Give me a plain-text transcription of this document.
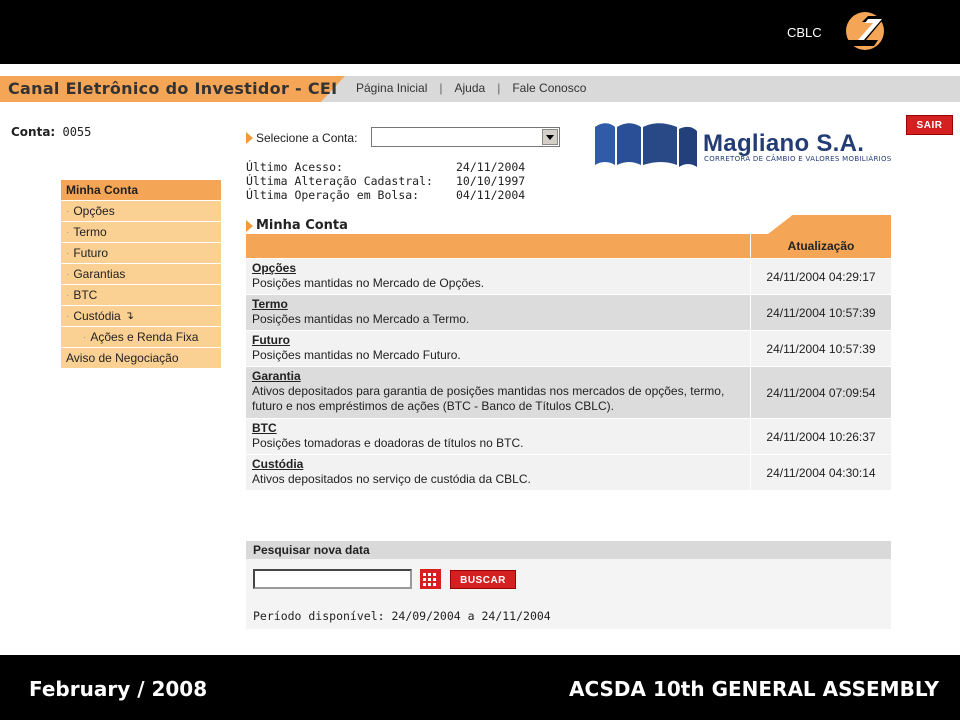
CBLC
Canal Eletrônico do Investidor - CEI Página Inicial | Ajuda | Fale Conosco
Conta: 0055
Minha Conta
· Opções
· Termo
· Futuro
· Garantias
· BTC
· Custódia ↴
· Ações e Renda Fixa
Aviso de Negociação
Selecione a Conta:
Último Acesso:	24/11/2004
Última Alteração Cadastral:	10/10/1997
Última Operação em Bolsa:	04/11/2004
Magliano S.A.
CORRETORA DE CÂMBIO E VALORES MOBILIÁRIOS
SAIR
Minha Conta
Atualização
Opções
Posições mantidas no Mercado de Opções.	24/11/2004 04:29:17
Termo
Posições mantidas no Mercado a Termo.	24/11/2004 10:57:39
Futuro
Posições mantidas no Mercado Futuro.	24/11/2004 10:57:39
Garantia
Ativos depositados para garantia de posições mantidas nos mercados de opções, termo, futuro e nos empréstimos de ações (BTC - Banco de Títulos CBLC).
24/11/2004 07:09:54
BTC
Posições tomadoras e doadoras de títulos no BTC.	24/11/2004 10:26:37
Custódia
Ativos depositados no serviço de custódia da CBLC.	24/11/2004 04:30:14
Pesquisar nova data
BUSCAR
Período disponível: 24/09/2004 a 24/11/2004
February / 2008	ACSDA 10th GENERAL ASSEMBLY
